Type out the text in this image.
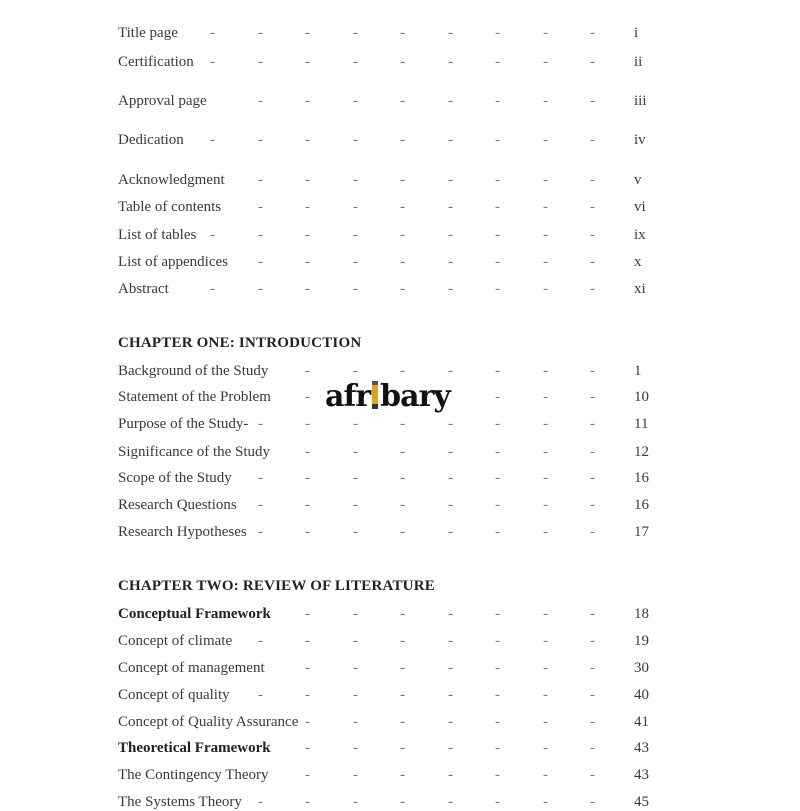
Title page	i
-	-	-	-	-	-	-	-	-
Certification	ii
-	-	-	-	-	-	-	-	-
Approval page	iii
-	-	-	-	-	-	-	-
Dedication	iv
-	-	-	-	-	-	-	-	-
Acknowledgment	v
-	-	-	-	-	-	-	-
Table of contents	vi
-	-	-	-	-	-	-	-
List of tables	ix
-	-	-	-	-	-	-	-	-
List of appendices	x
-	-	-	-	-	-	-	-
Abstract	xi
-	-	-	-	-	-	-	-	-
Background of the Study	1
-	-	-	-	-	-	-
Statement of the Problem	10
-	-	-	-
Purpose of the Study-	11
-	-	-	-	-	-	-	-
Significance of the Study	12
-	-	-	-	-	-	-
Scope of the Study	16
-	-	-	-	-	-	-	-
Research Questions	16
-	-	-	-	-	-	-	-
Research Hypotheses	17
-	-	-	-	-	-	-	-
Conceptual Framework	18
-	-	-	-	-	-	-
Concept of climate	19
-	-	-	-	-	-	-	-
Concept of management	30
-	-	-	-	-	-	-
Concept of quality	40
-	-	-	-	-	-	-	-
Concept of Quality Assurance	41
-	-	-	-	-	-	-
Theoretical Framework	43
-	-	-	-	-	-	-
The Contingency Theory	43
-	-	-	-	-	-	-
The Systems Theory	45
-	-	-	-	-	-	-	-
CHAPTER ONE: INTRODUCTION
CHAPTER TWO: REVIEW OF LITERATURE
afr bary
